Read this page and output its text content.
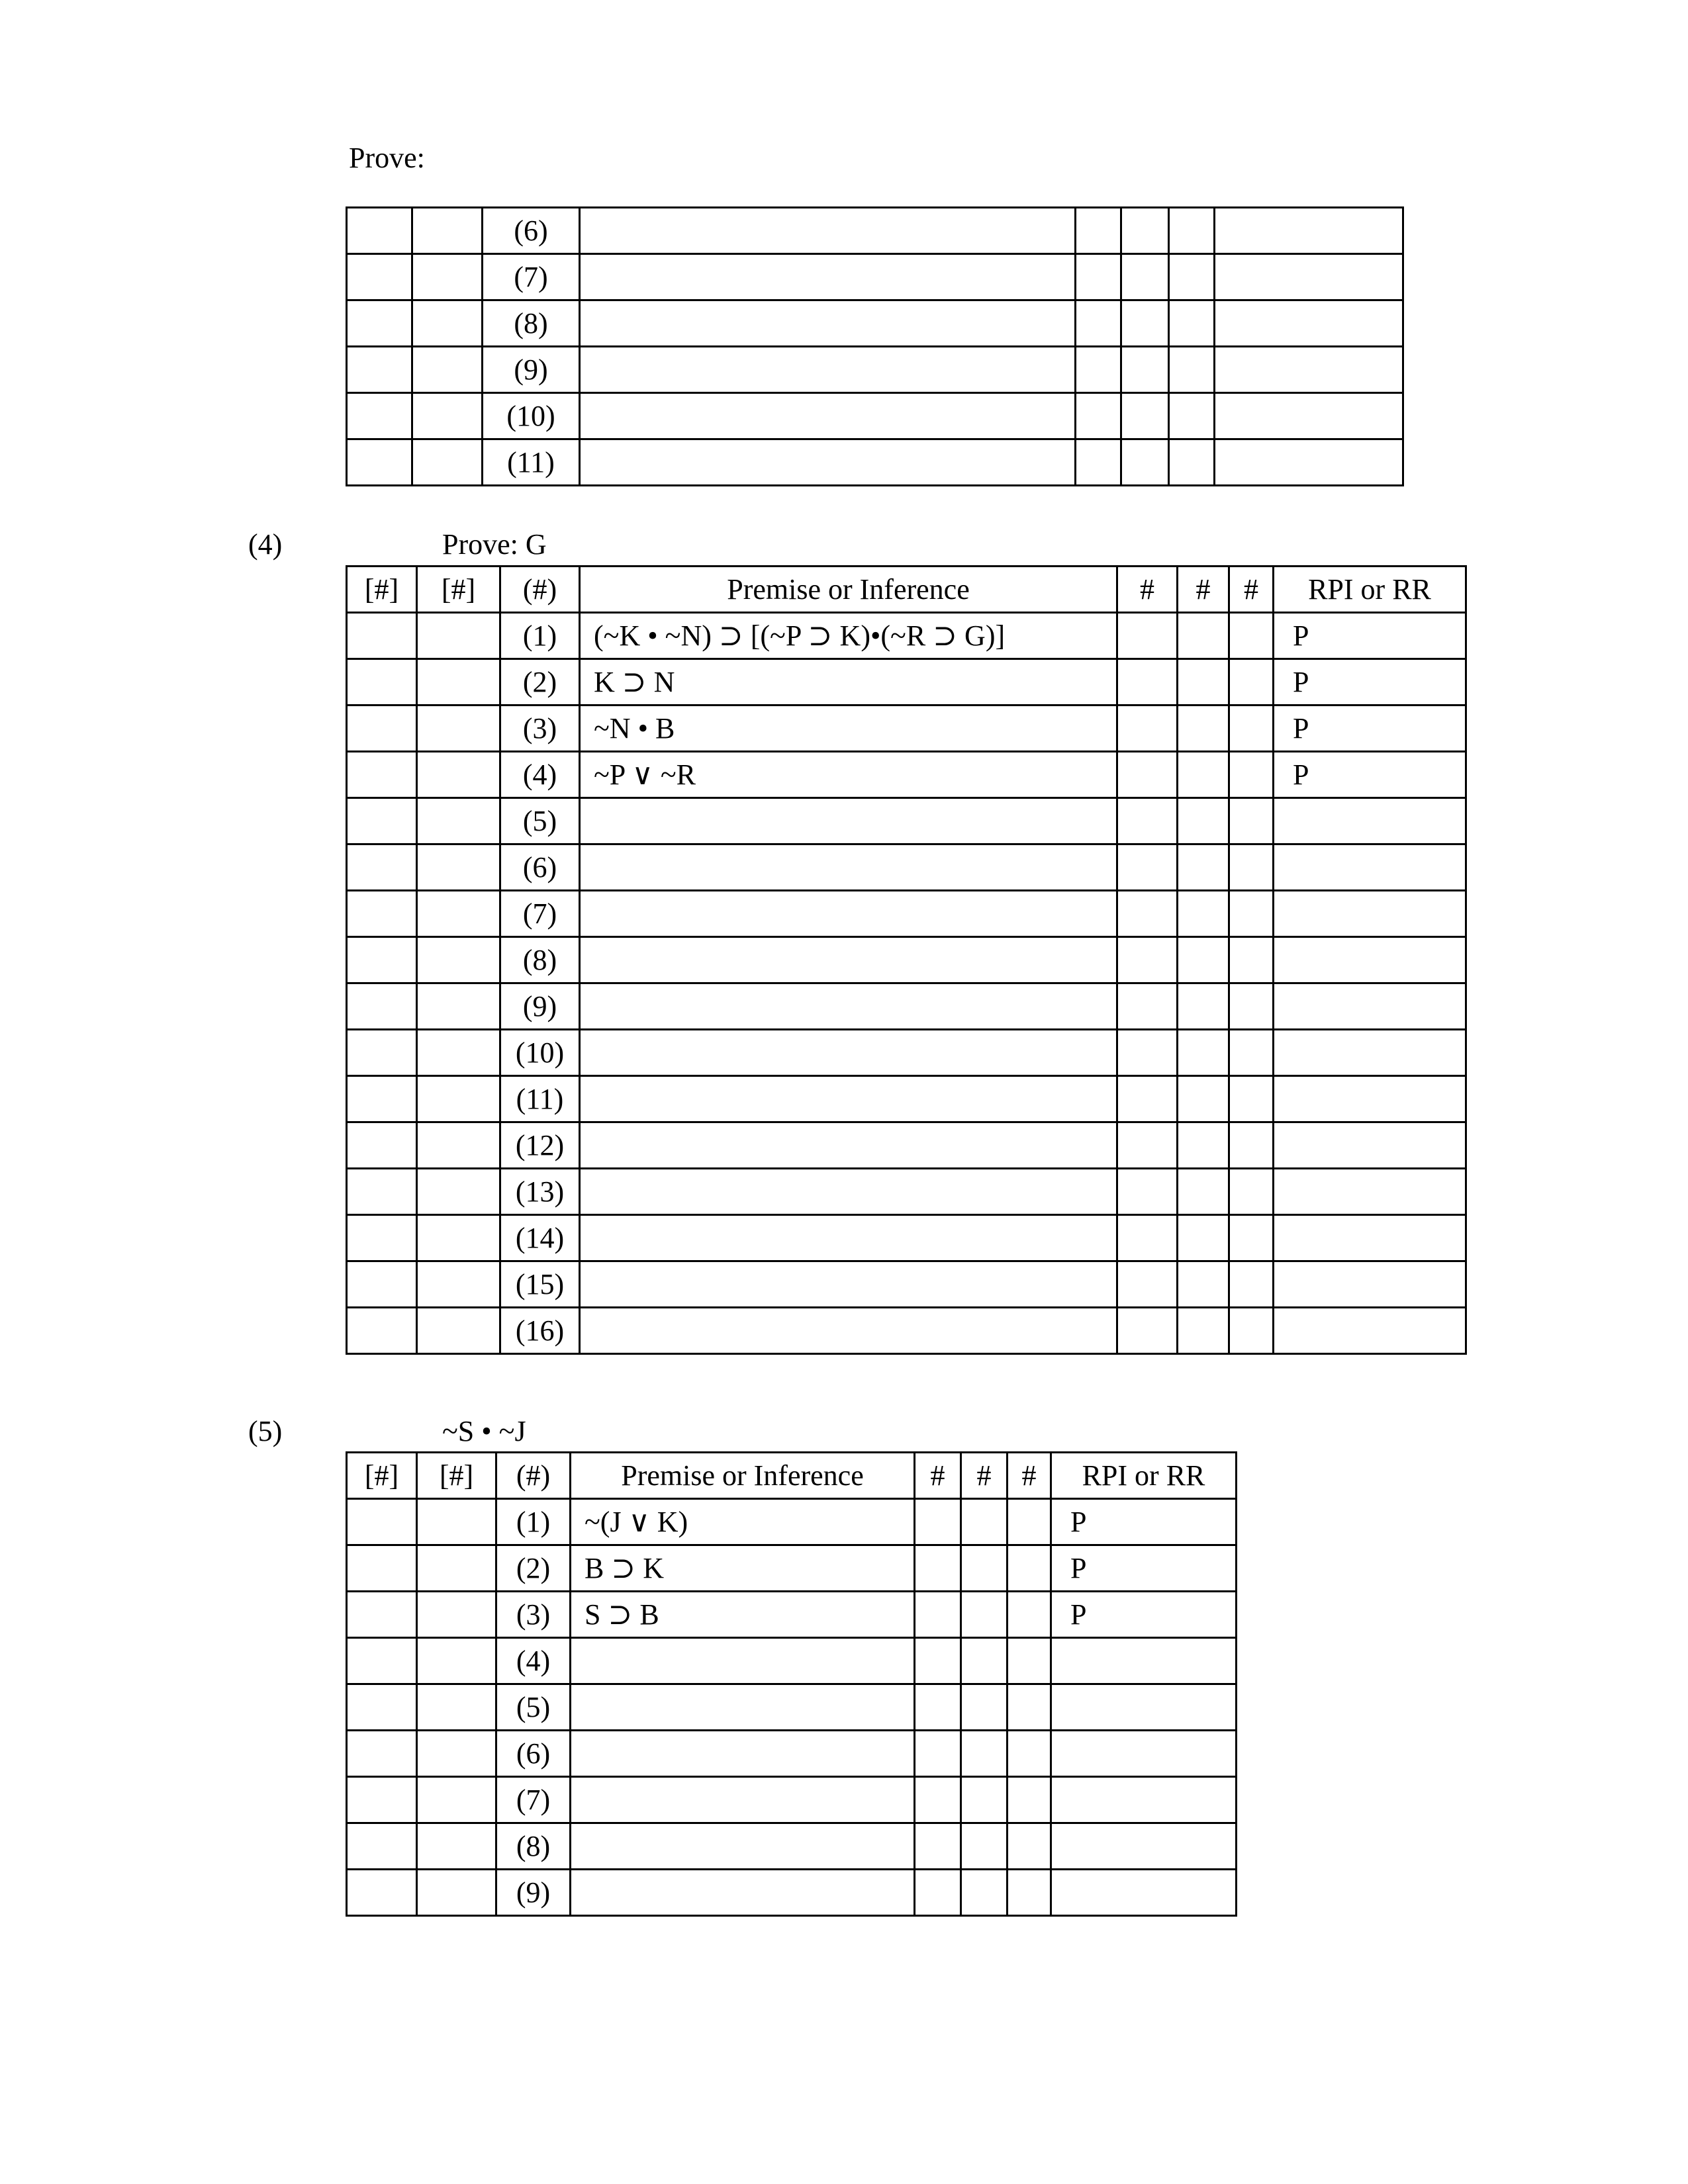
Prove:
		(6)					
		(7)					
		(8)					
		(9)					
		(10)					
		(11)					
(4)	Prove: G
[#]	[#]	(#)	Premise or Inference	#	#	#	RPI or RR
		(1)	(~K • ~N) ⊃ [(~P ⊃ K)•(~R ⊃ G)]				P
		(2)	K ⊃ N				P
		(3)	~N • B				P
		(4)	~P ∨ ~R				P
		(5)					
		(6)					
		(7)					
		(8)					
		(9)					
		(10)					
		(11)					
		(12)					
		(13)					
		(14)					
		(15)					
		(16)					
(5)	~S • ~J
[#]	[#]	(#)	Premise or Inference	#	#	#	RPI or RR
		(1)	~(J ∨ K)				P
		(2)	B ⊃ K				P
		(3)	S ⊃ B				P
		(4)					
		(5)					
		(6)					
		(7)					
		(8)					
		(9)					
